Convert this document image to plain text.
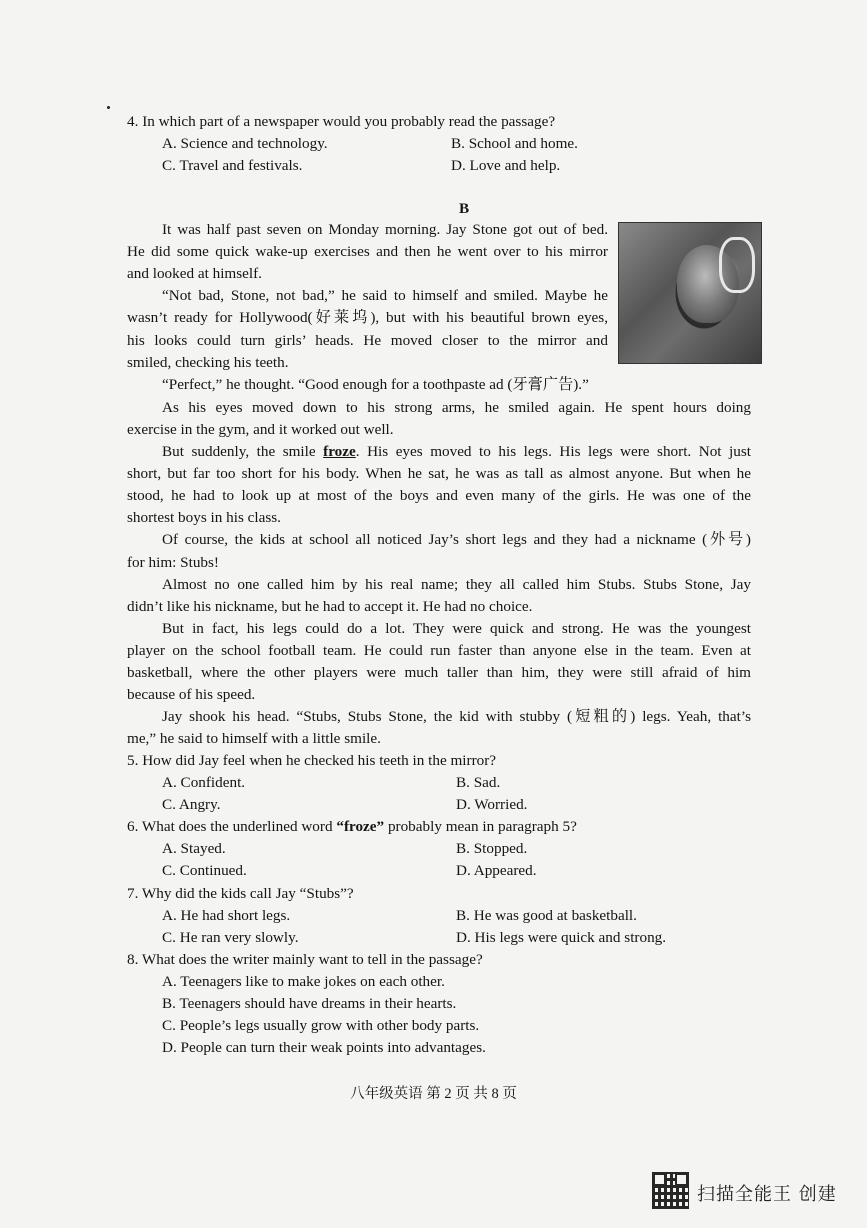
4. In which part of a newspaper would you probably read the passage?
A. Science and technology.	B. School and home.
C. Travel and festivals.	D. Love and help.
B
It was half past seven on Monday morning. Jay Stone got out of bed.
He did some quick wake-up exercises and then he went over to his mirror
and looked at himself.
“Not bad, Stone, not bad,” he said to himself and smiled. Maybe he
wasn’t ready for Hollywood(好莱坞), but with his beautiful brown eyes,
his looks could turn girls’ heads. He moved closer to the mirror and
smiled, checking his teeth.
“Perfect,” he thought. “Good enough for a toothpaste ad (牙膏广告).”
As his eyes moved down to his strong arms, he smiled again. He spent hours doing
exercise in the gym, and it worked out well.
But suddenly, the smile froze. His eyes moved to his legs. His legs were short. Not just
short, but far too short for his body. When he sat, he was as tall as almost anyone. But when he
stood, he had to look up at most of the boys and even many of the girls. He was one of the
shortest boys in his class.
Of course, the kids at school all noticed Jay’s short legs and they had a nickname (外号)
for him: Stubs!
Almost no one called him by his real name; they all called him Stubs. Stubs Stone, Jay
didn’t like his nickname, but he had to accept it. He had no choice.
But in fact, his legs could do a lot. They were quick and strong. He was the youngest
player on the school football team. He could run faster than anyone else in the team. Even at
basketball, where the other players were much taller than him, they were still afraid of him
because of his speed.
Jay shook his head. “Stubs, Stubs Stone, the kid with stubby (短粗的) legs. Yeah, that’s
me,” he said to himself with a little smile.
5. How did Jay feel when he checked his teeth in the mirror?
A. Confident.	B. Sad.
C. Angry.	D. Worried.
6. What does the underlined word “froze” probably mean in paragraph 5?
A. Stayed.	B. Stopped.
C. Continued.	D. Appeared.
7. Why did the kids call Jay “Stubs”?
A. He had short legs.	B. He was good at basketball.
C. He ran very slowly.	D. His legs were quick and strong.
8. What does the writer mainly want to tell in the passage?
A. Teenagers like to make jokes on each other.
B. Teenagers should have dreams in their hearts.
C. People’s legs usually grow with other body parts.
D. People can turn their weak points into advantages.
八年级英语 第 2 页 共 8 页
扫描全能王 创建
